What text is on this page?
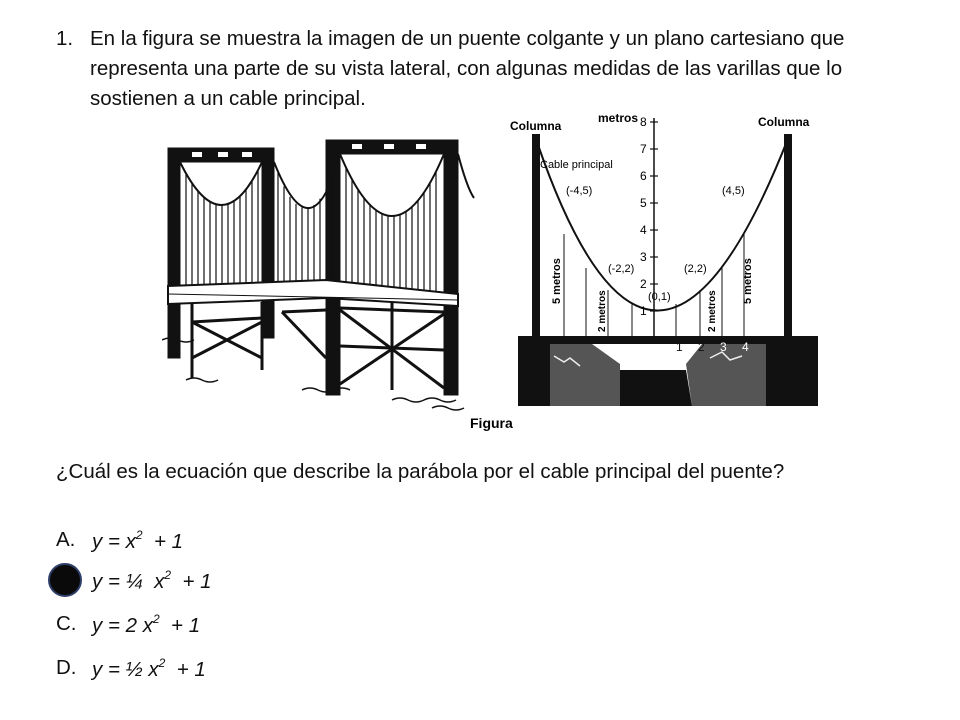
1. En la figura se muestra la imagen de un puente colgante y un plano cartesiano que representa una parte de su vista lateral, con algunas medidas de las varillas que lo sostienen a un cable principal.
8
7
6
5
4
3
2
1
1 2 3 4
Columna	Columna
metros
Cable principal
(-4,5)	(4,5)
(-2,2)	(2,2)
(0,1)
5 metros
2 metros	2 metros
5 metros
Figura
¿Cuál es la ecuación que describe la parábola por el cable principal del puente?
A. $y = x^2 + 1$
y = ¼  $x^2 + 1$
C. y = 2 $x^2 + 1$
D. y = ½ $x^2 + 1$
